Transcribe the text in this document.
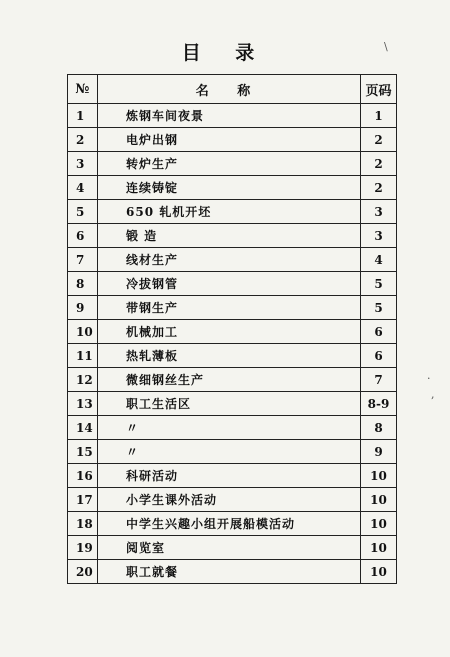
目 录
№	名 称	页码
1	炼钢车间夜景	1
2	电炉出钢	2
3	转炉生产	2
4	连续铸锭	2
5	650 轧机开坯	3
6	锻 造	3
7	线材生产	4
8	冷拔钢管	5
9	带钢生产	5
10	机械加工	6
11	热轧薄板	6
12	微细钢丝生产	7
13	职工生活区	8-9
14	〃	8
15	〃	9
16	科研活动	10
17	小学生课外活动	10
18	中学生兴趣小组开展船模活动	10
19	阅览室	10
20	职工就餐	10
\
·
,
